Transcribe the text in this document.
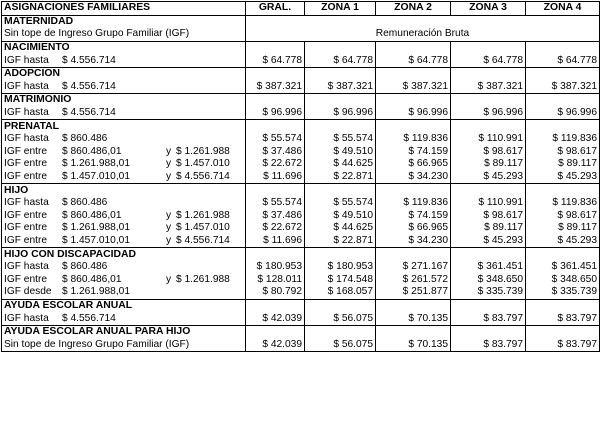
ASIGNACIONES FAMILIARES	GRAL.	ZONA 1	ZONA 2	ZONA 3	ZONA 4
MATERNIDAD					
Sin tope de Ingreso Grupo Familiar (IGF)	Remuneración Bruta				
NACIMIENTO					
IGF hasta $ 4.556.714	$ 64.778	$ 64.778	$ 64.778	$ 64.778	$ 64.778
ADOPCION					
IGF hasta $ 4.556.714	$ 387.321	$ 387.321	$ 387.321	$ 387.321	$ 387.321
MATRIMONIO					
IGF hasta $ 4.556.714	$ 96.996	$ 96.996	$ 96.996	$ 96.996	$ 96.996
PRENATAL					
IGF hasta $ 860.486	$ 55.574	$ 55.574	$ 119.836	$ 110.991	$ 119.836
IGF entre $ 860.486,01 y $ 1.261.988	$ 37.486	$ 49.510	$ 74.159	$ 98.617	$ 98.617
IGF entre $ 1.261.988,01 y $ 1.457.010	$ 22.672	$ 44.625	$ 66.965	$ 89.117	$ 89.117
IGF entre $ 1.457.010,01 y $ 4.556.714	$ 11.696	$ 22.871	$ 34.230	$ 45.293	$ 45.293
HIJO					
IGF hasta $ 860.486	$ 55.574	$ 55.574	$ 119.836	$ 110.991	$ 119.836
IGF entre $ 860.486,01 y $ 1.261.988	$ 37.486	$ 49.510	$ 74.159	$ 98.617	$ 98.617
IGF entre $ 1.261.988,01 y $ 1.457.010	$ 22.672	$ 44.625	$ 66.965	$ 89.117	$ 89.117
IGF entre $ 1.457.010,01 y $ 4.556.714	$ 11.696	$ 22.871	$ 34.230	$ 45.293	$ 45.293
HIJO CON DISCAPACIDAD					
IGF hasta $ 860.486	$ 180.953	$ 180.953	$ 271.167	$ 361.451	$ 361.451
IGF entre $ 860.486,01 y $ 1.261.988	$ 128.011	$ 174.548	$ 261.572	$ 348.650	$ 348.650
IGF desde $ 1.261.988,01	$ 80.792	$ 168.057	$ 251.877	$ 335.739	$ 335.739
AYUDA ESCOLAR ANUAL					
IGF hasta $ 4.556.714	$ 42.039	$ 56.075	$ 70.135	$ 83.797	$ 83.797
AYUDA ESCOLAR ANUAL PARA HIJO					
Sin tope de Ingreso Grupo Familiar (IGF)	$ 42.039	$ 56.075	$ 70.135	$ 83.797	$ 83.797
